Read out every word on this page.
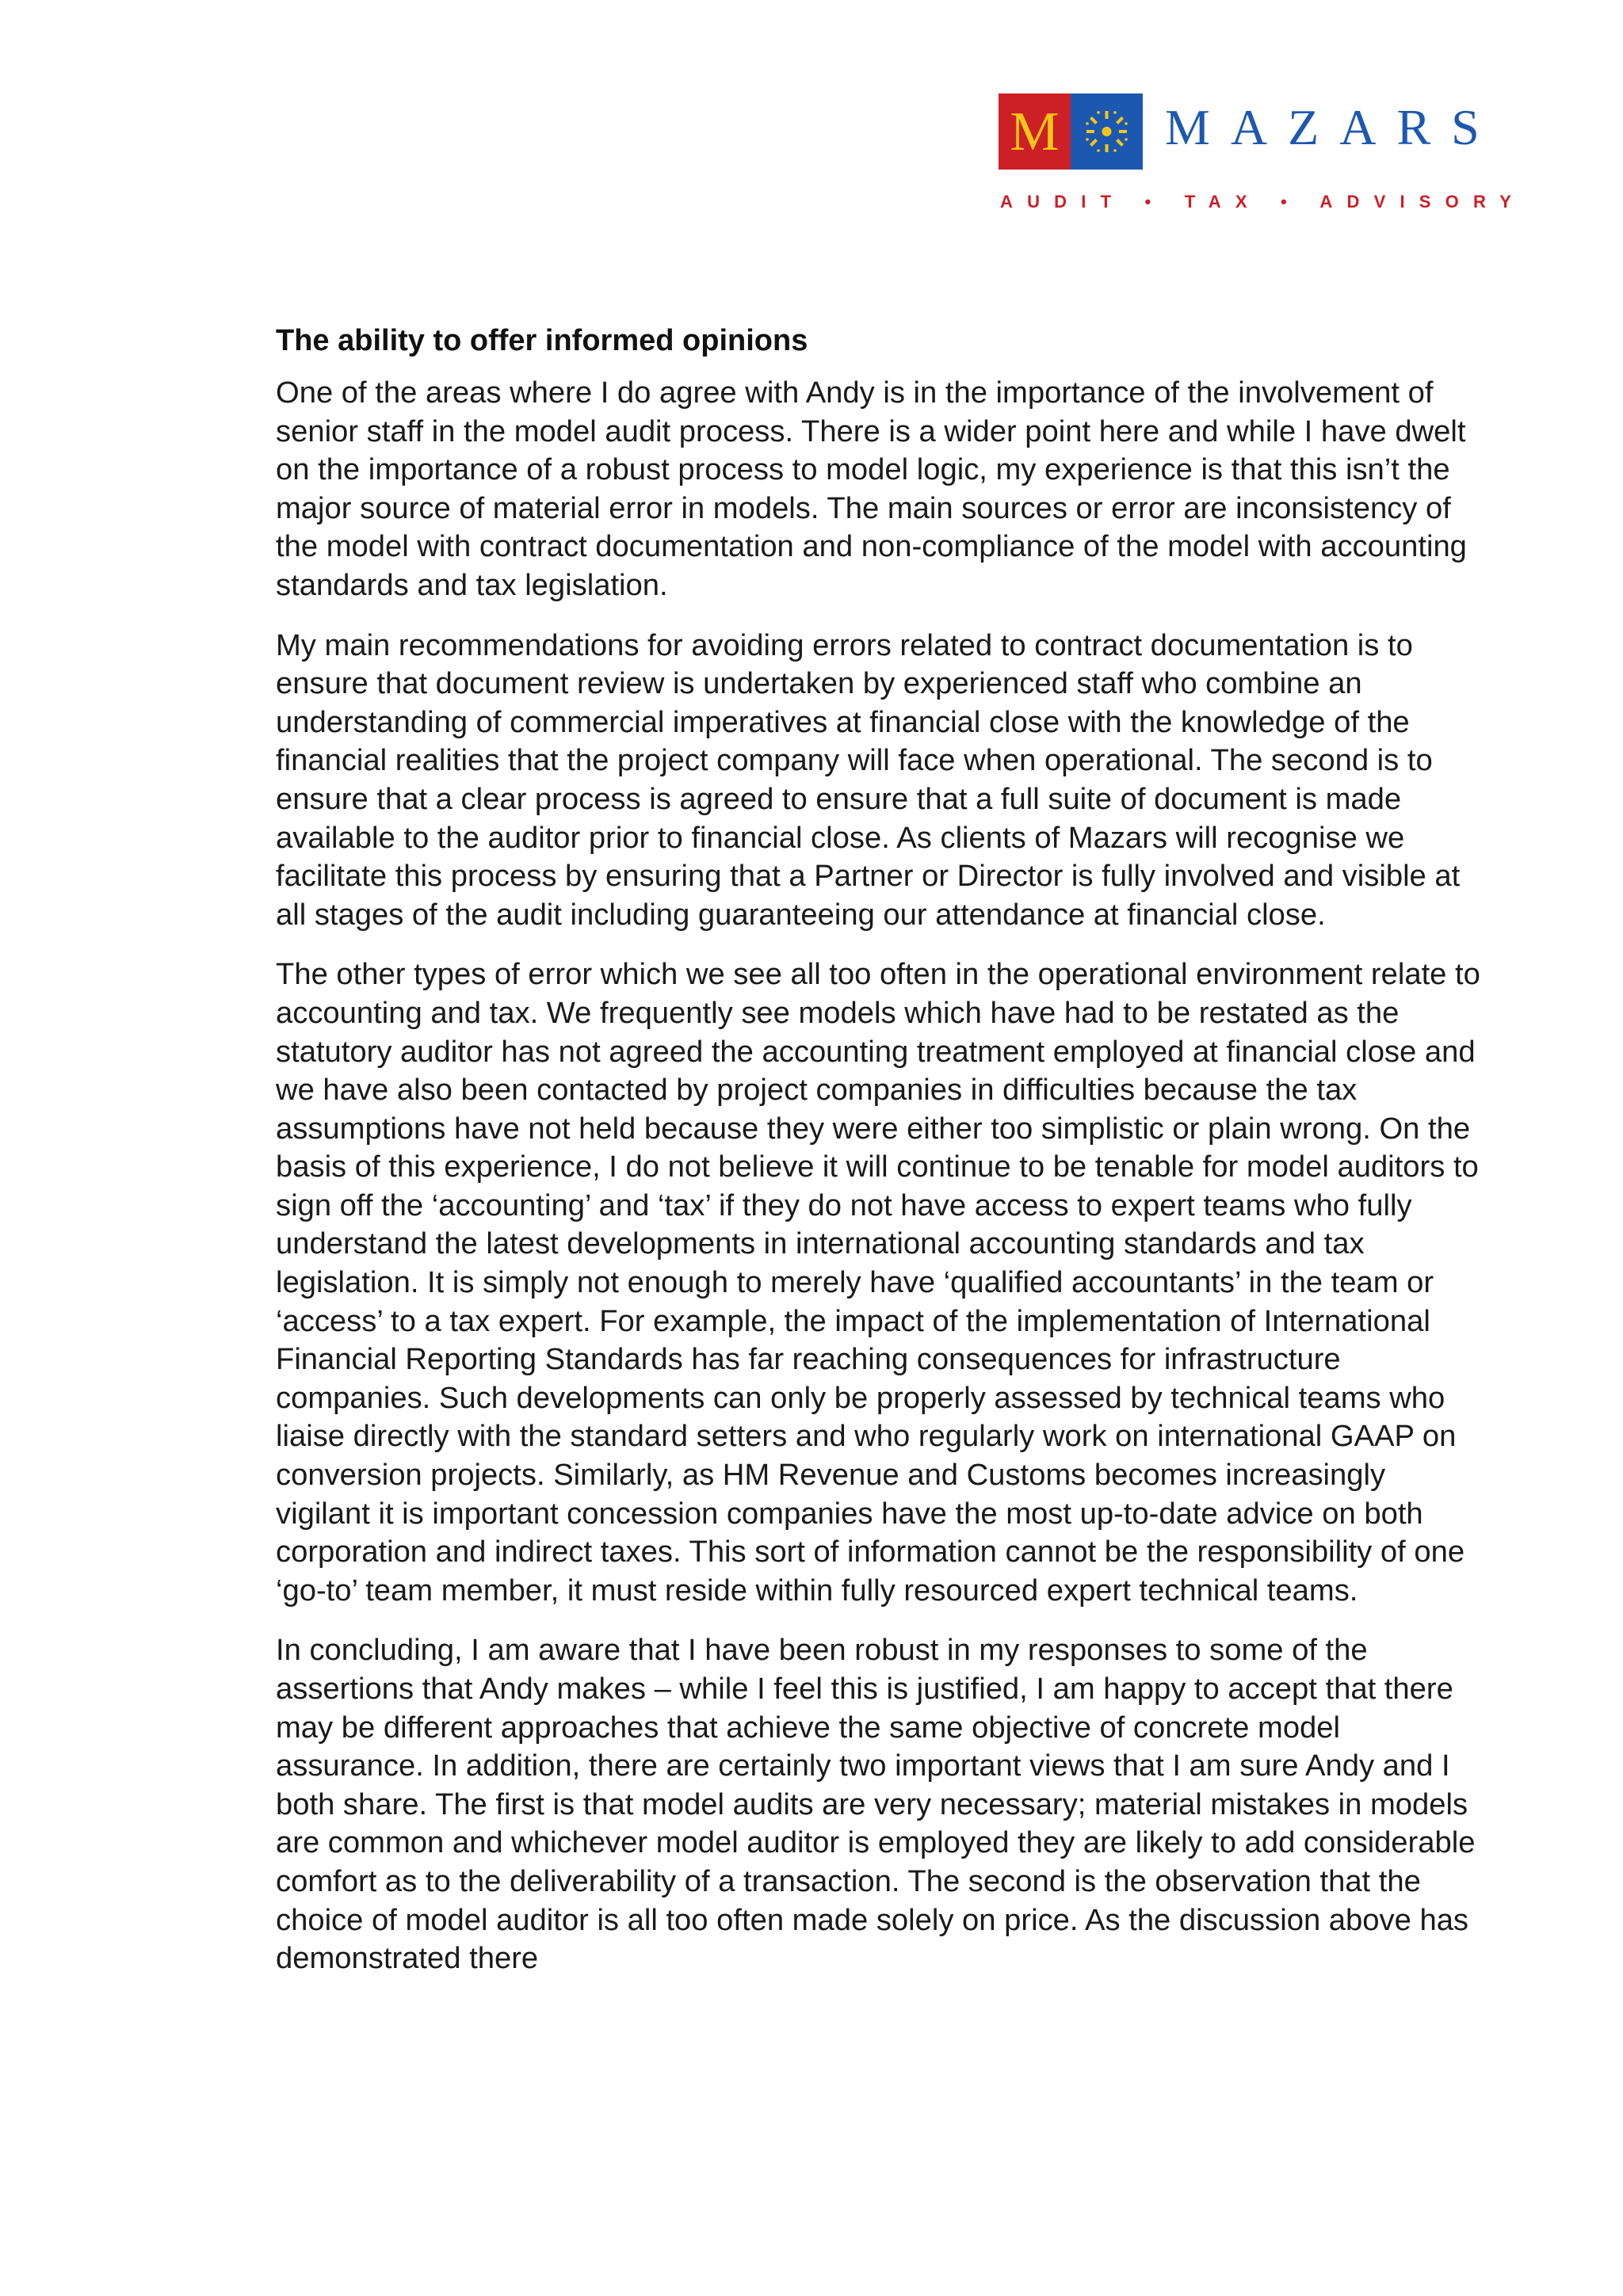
M MAZARS
AUDIT • TAX • ADVISORY
The ability to offer informed opinions

One of the areas where I do agree with Andy is in the importance of the involvement of senior staff in the model audit process. There is a wider point here and while I have dwelt on the importance of a robust process to model logic, my experience is that this isn’t the major source of material error in models. The main sources or error are inconsistency of the model with contract documentation and non-compliance of the model with accounting standards and tax legislation.

My main recommendations for avoiding errors related to contract documentation is to ensure that document review is undertaken by experienced staff who combine an understanding of commercial imperatives at financial close with the knowledge of the financial realities that the project company will face when operational. The second is to ensure that a clear process is agreed to ensure that a full suite of document is made available to the auditor prior to financial close. As clients of Mazars will recognise we facilitate this process by ensuring that a Partner or Director is fully involved and visible at all stages of the audit including guaranteeing our attendance at financial close.

The other types of error which we see all too often in the operational environment relate to accounting and tax. We frequently see models which have had to be restated as the statutory auditor has not agreed the accounting treatment employed at financial close and we have also been contacted by project companies in difficulties because the tax assumptions have not held because they were either too simplistic or plain wrong. On the basis of this experience, I do not believe it will continue to be tenable for model auditors to sign off the ‘accounting’ and ‘tax’ if they do not have access to expert teams who fully understand the latest developments in international accounting standards and tax legislation. It is simply not enough to merely have ‘qualified accountants’ in the team or ‘access’ to a tax expert. For example, the impact of the implementation of International Financial Reporting Standards has far reaching consequences for infrastructure companies. Such developments can only be properly assessed by technical teams who liaise directly with the standard setters and who regularly work on international GAAP on conversion projects. Similarly, as HM Revenue and Customs becomes increasingly vigilant it is important concession companies have the most up-to-date advice on both corporation and indirect taxes. This sort of information cannot be the responsibility of one ‘go-to’ team member, it must reside within fully resourced expert technical teams.

In concluding, I am aware that I have been robust in my responses to some of the assertions that Andy makes – while I feel this is justified, I am happy to accept that there may be different approaches that achieve the same objective of concrete model assurance. In addition, there are certainly two important views that I am sure Andy and I both share. The first is that model audits are very necessary; material mistakes in models are common and whichever model auditor is employed they are likely to add considerable comfort as to the deliverability of a transaction. The second is the observation that the choice of model auditor is all too often made solely on price. As the discussion above has demonstrated there
